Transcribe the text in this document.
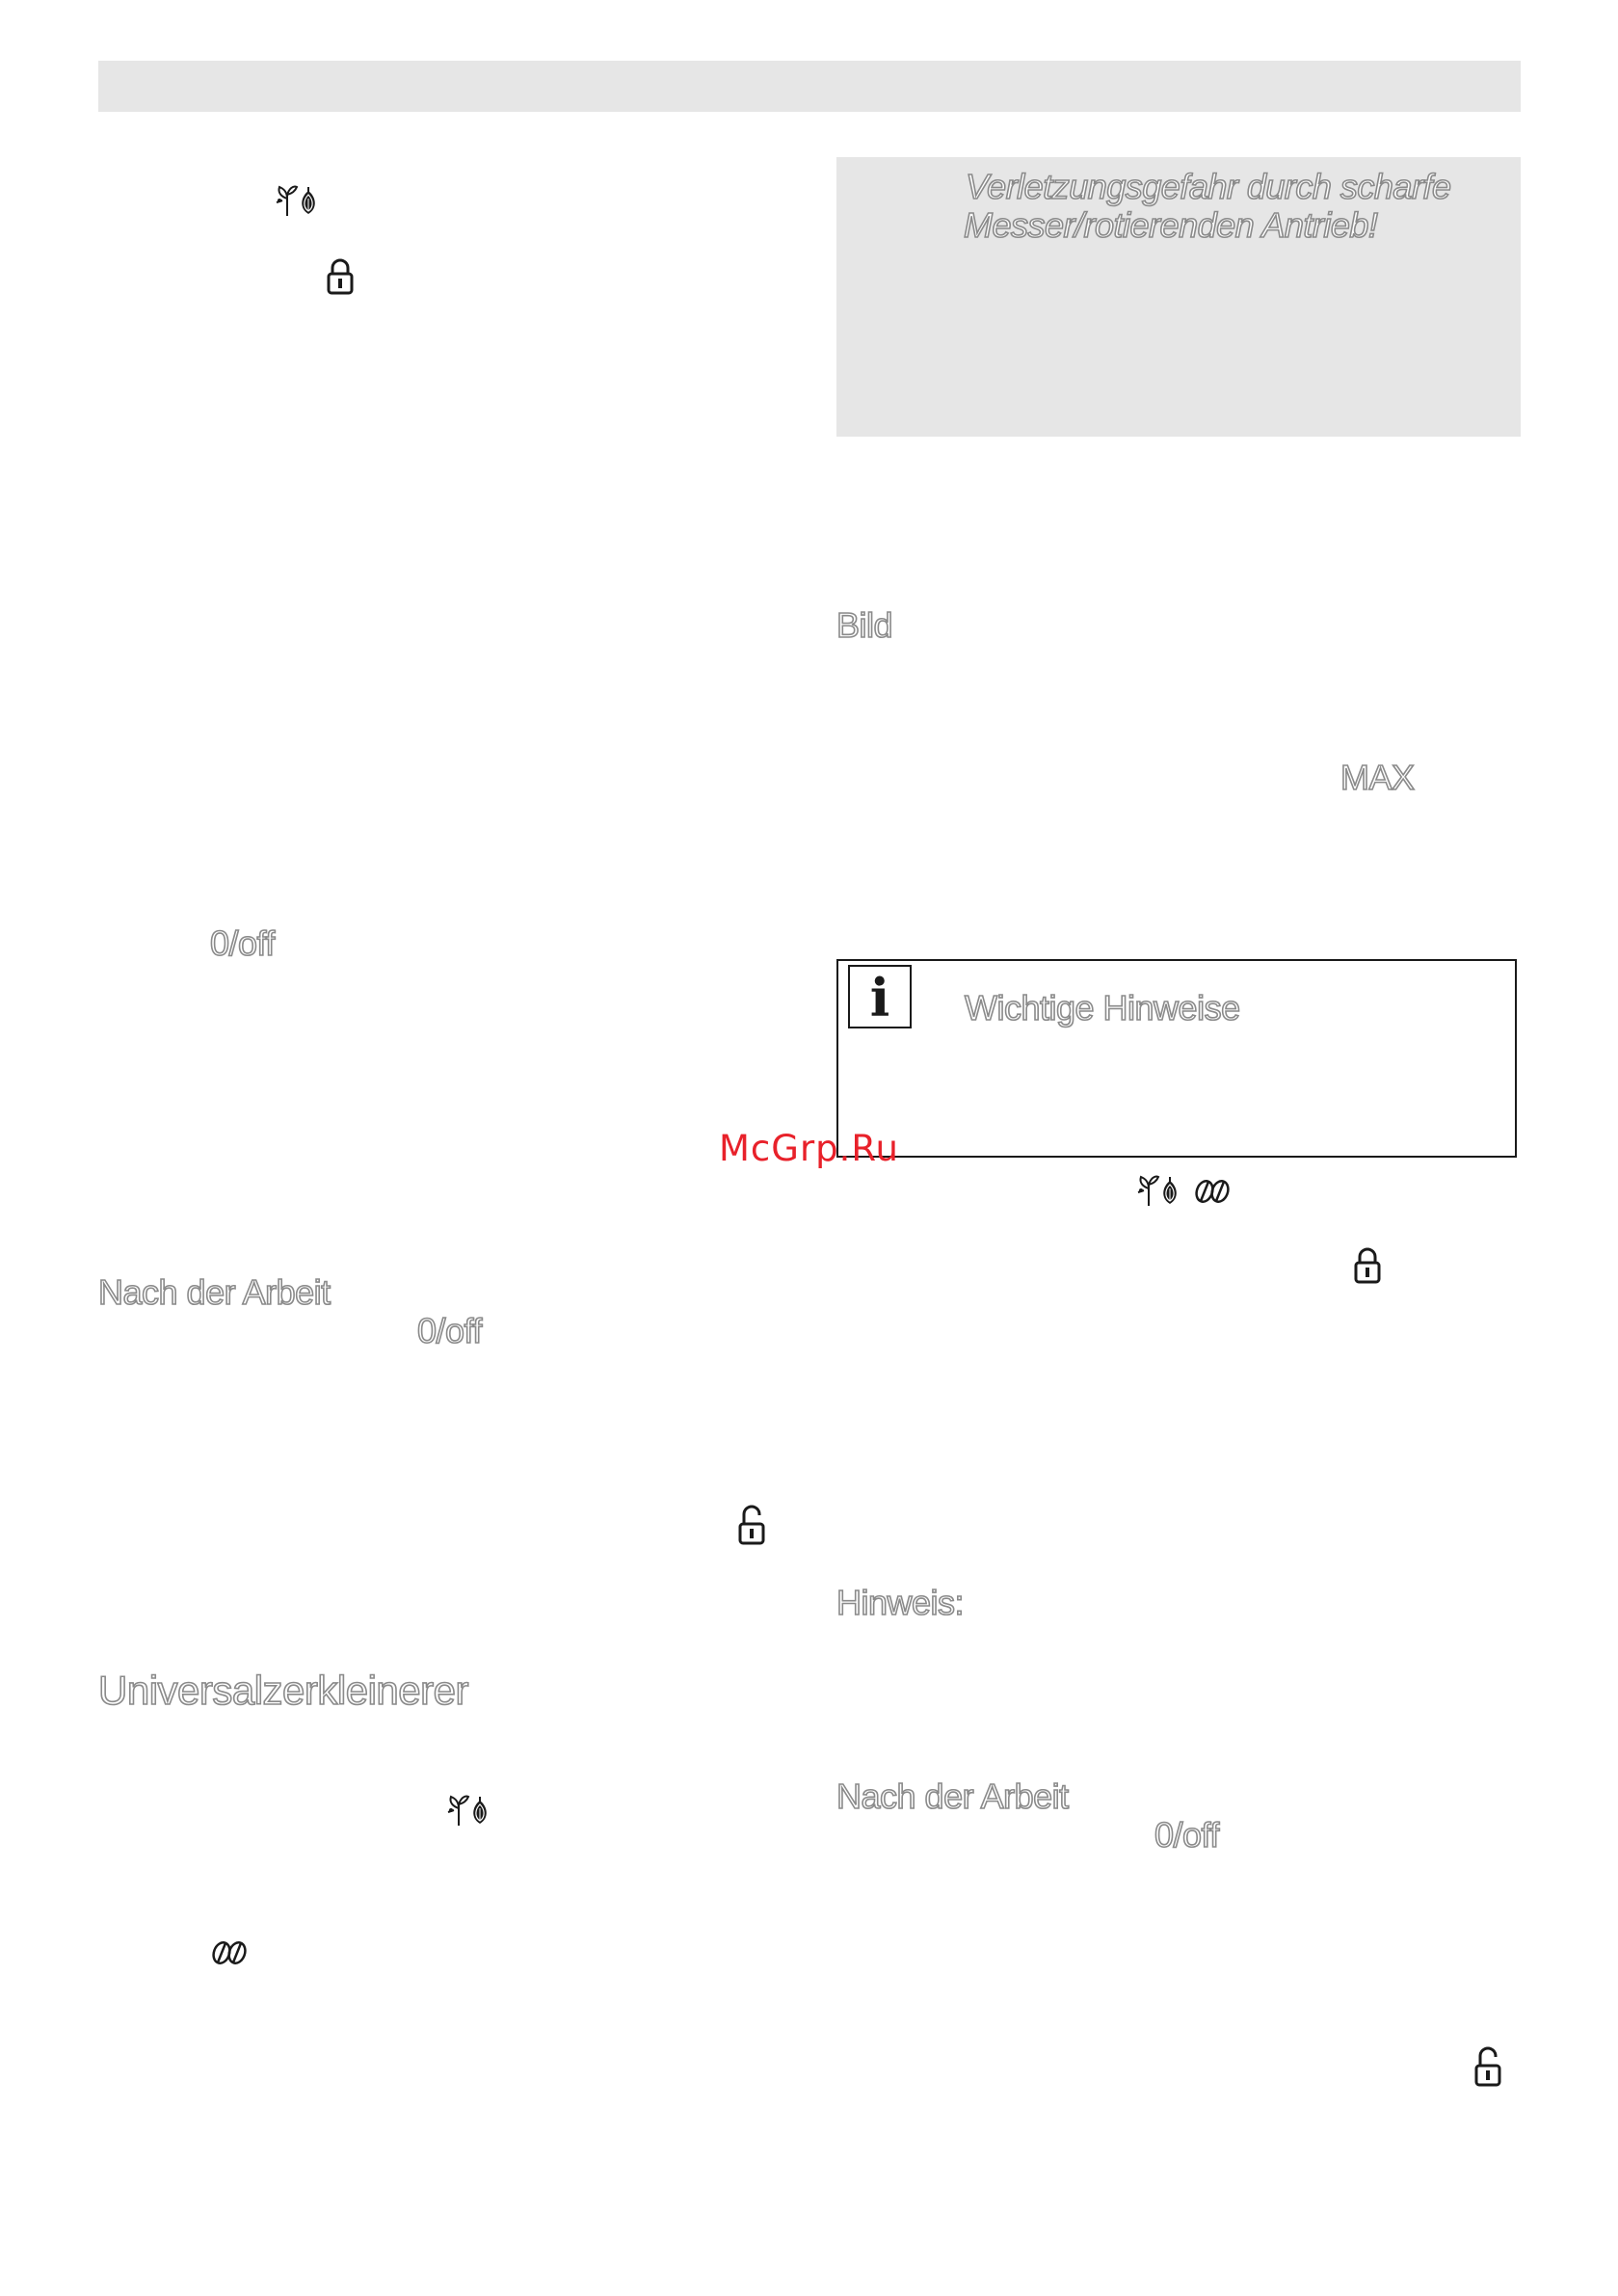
0/off
Nach der Arbeit
0/off
Universalzerkleinerer
Verletzungsgefahr durch scharfe
Messer/rotierenden Antrieb!
Bild
MAX
i	Wichtige Hinweise
Hinweis:
Nach der Arbeit
0/off
McGrp.Ru
